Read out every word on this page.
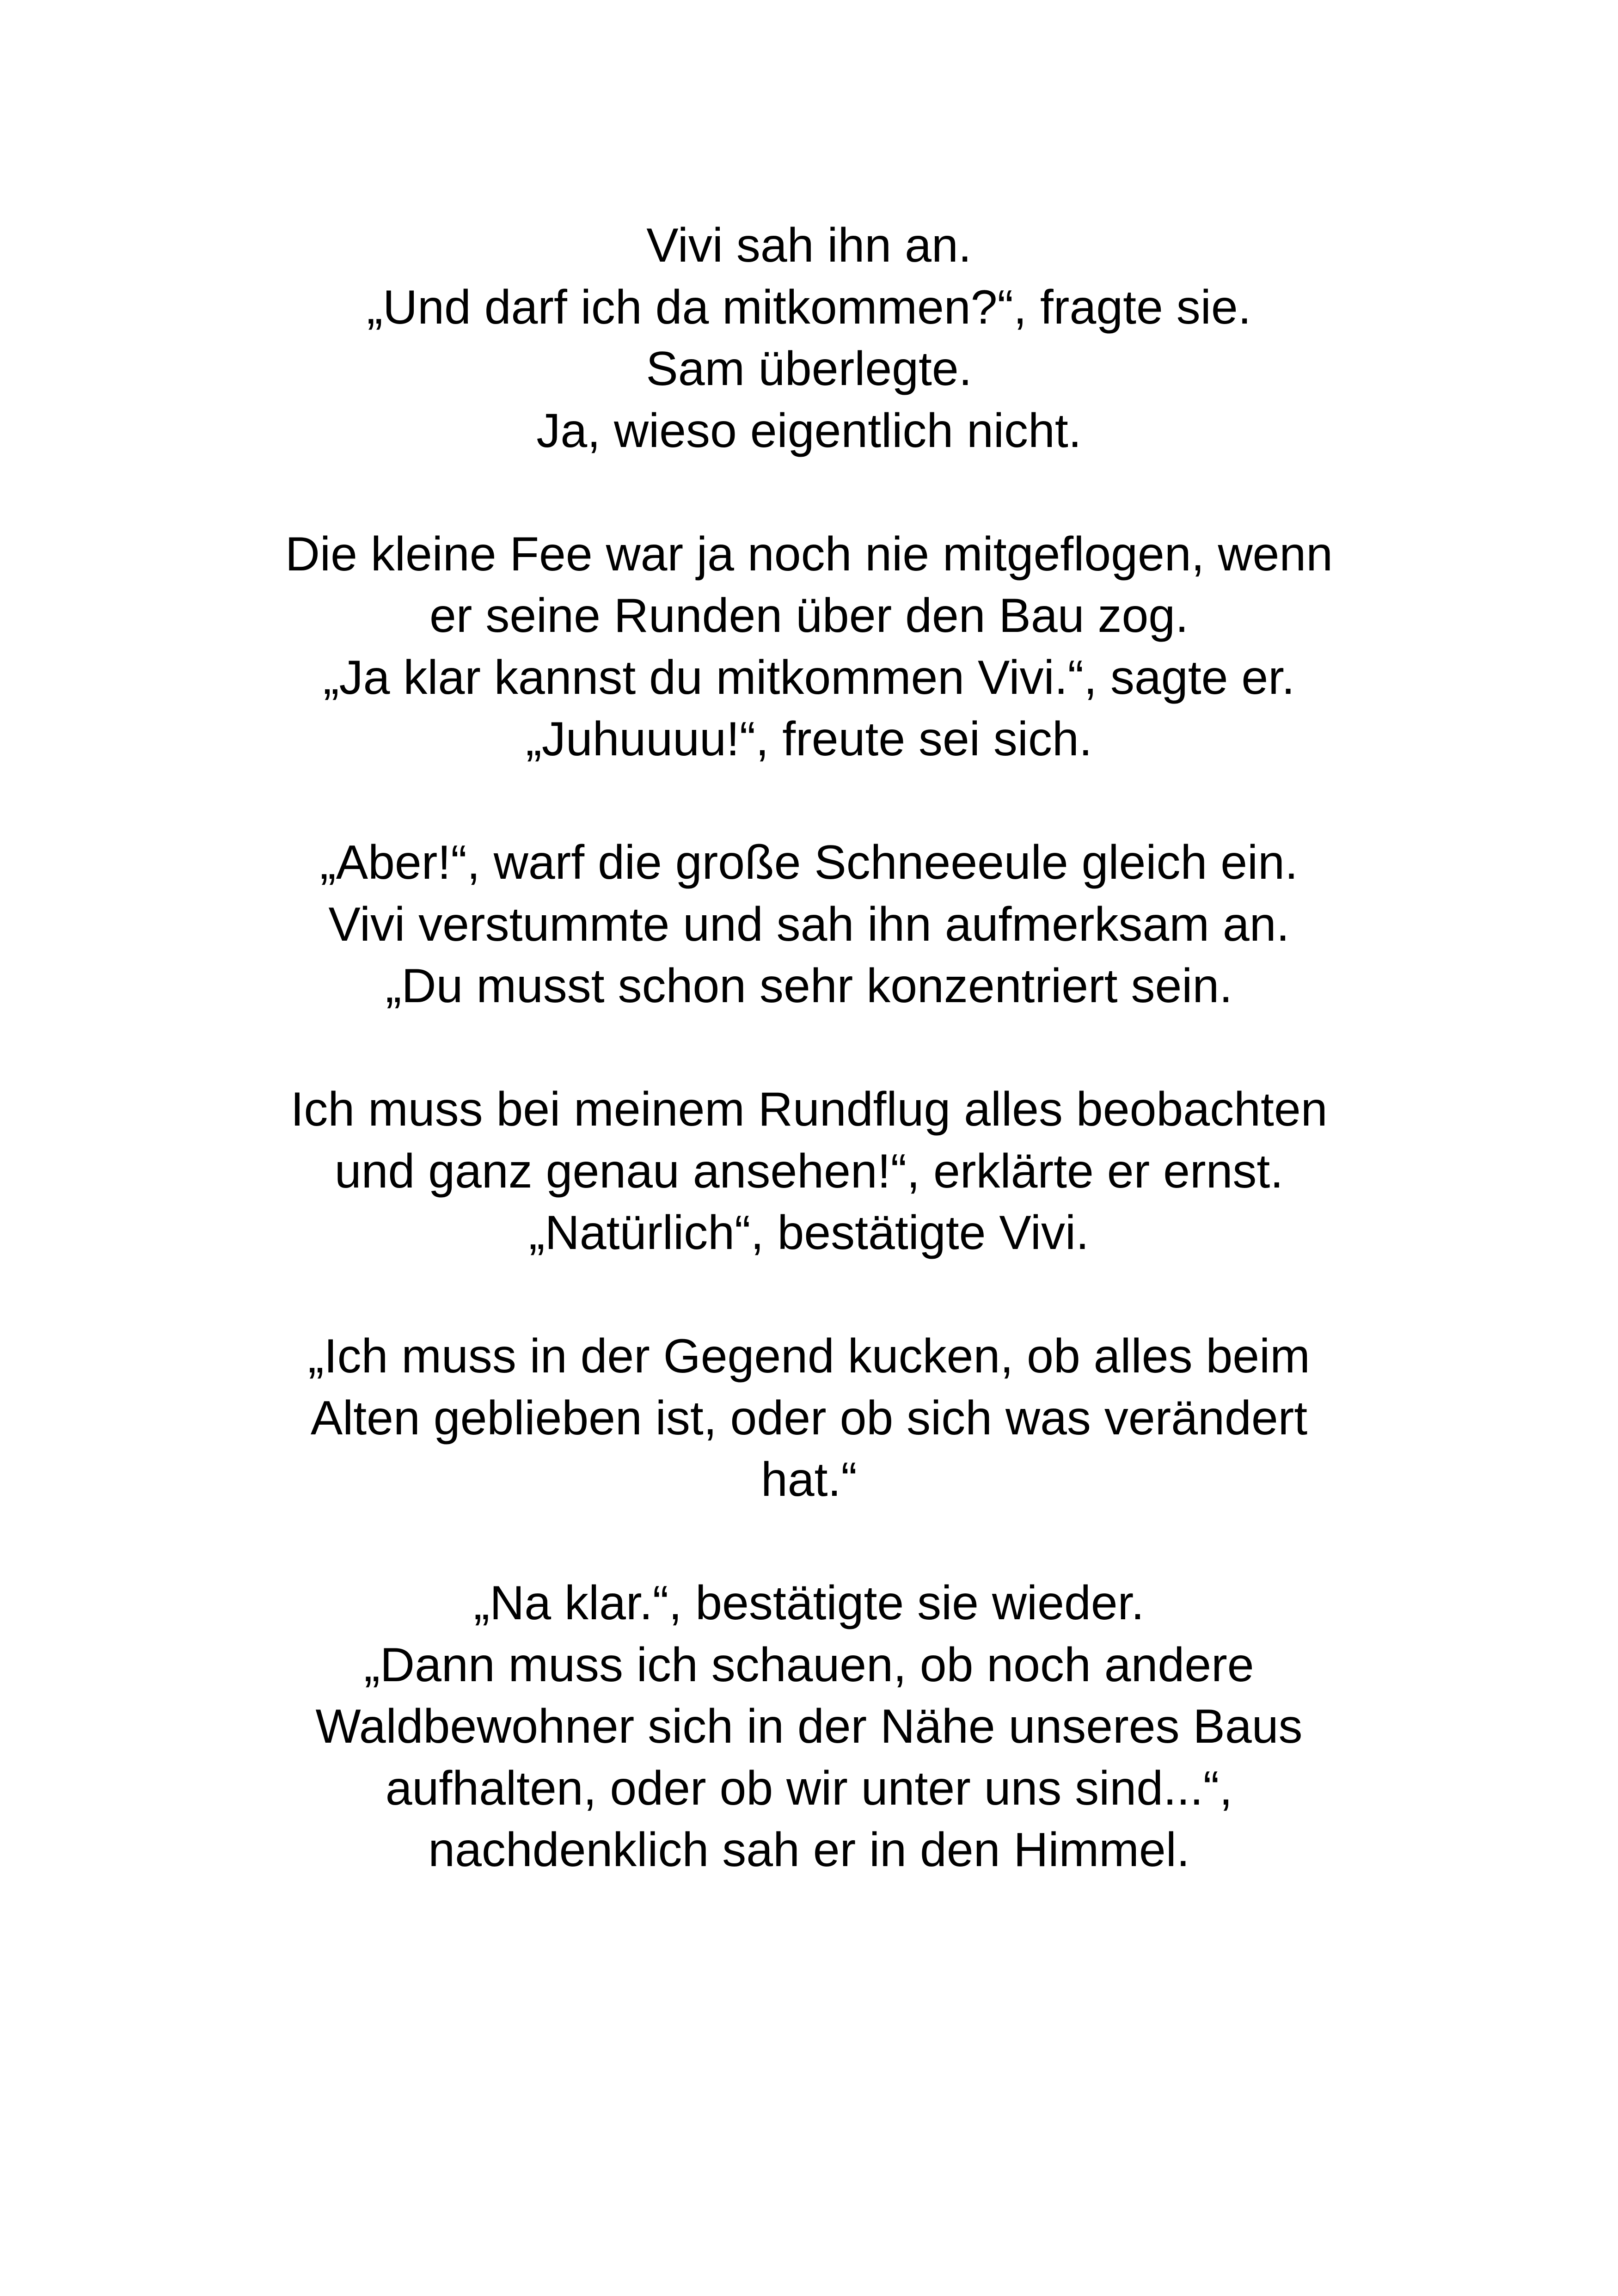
Vivi sah ihn an.
„Und darf ich da mitkommen?“, fragte sie.
Sam überlegte.
Ja, wieso eigentlich nicht.

Die kleine Fee war ja noch nie mitgeflogen, wenn
er seine Runden über den Bau zog.
„Ja klar kannst du mitkommen Vivi.“, sagte er.
„Juhuuuu!“, freute sei sich.

„Aber!“, warf die große Schneeeule gleich ein.
Vivi verstummte und sah ihn aufmerksam an.
„Du musst schon sehr konzentriert sein.

Ich muss bei meinem Rundflug alles beobachten
und ganz genau ansehen!“, erklärte er ernst.
„Natürlich“, bestätigte Vivi.

„Ich muss in der Gegend kucken, ob alles beim
Alten geblieben ist, oder ob sich was verändert
hat.“

„Na klar.“, bestätigte sie wieder.
„Dann muss ich schauen, ob noch andere
Waldbewohner sich in der Nähe unseres Baus
aufhalten, oder ob wir unter uns sind...“,
nachdenklich sah er in den Himmel.
